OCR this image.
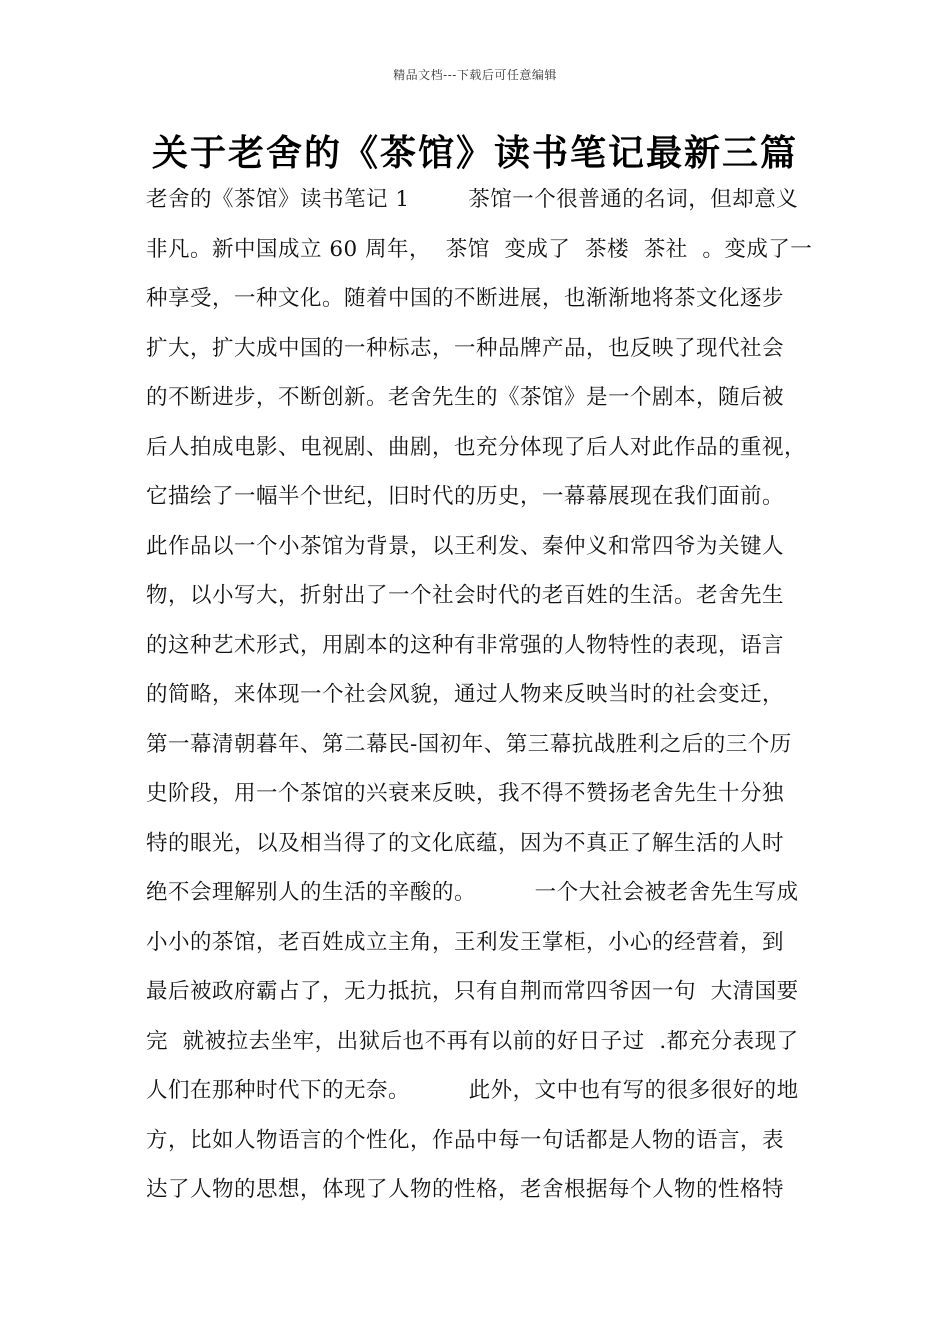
精品文档---下载后可任意编辑
关于老舍的《茶馆》读书笔记最新三篇
老舍的《茶馆》读书笔记 1        茶馆一个很普通的名词，但却意义
非凡。新中国成立 60 周年，  茶馆  变成了  茶楼  茶社  。变成了一
种享受，一种文化。随着中国的不断进展，也渐渐地将茶文化逐步
扩大，扩大成中国的一种标志，一种品牌产品，也反映了现代社会
的不断进步，不断创新。老舍先生的《茶馆》是一个剧本，随后被
后人拍成电影、电视剧、曲剧，也充分体现了后人对此作品的重视，
它描绘了一幅半个世纪，旧时代的历史，一幕幕展现在我们面前。
此作品以一个小茶馆为背景，以王利发、秦仲义和常四爷为关键人
物，以小写大，折射出了一个社会时代的老百姓的生活。老舍先生
的这种艺术形式，用剧本的这种有非常强的人物特性的表现，语言
的简略，来体现一个社会风貌，通过人物来反映当时的社会变迁，
第一幕清朝暮年、第二幕民-国初年、第三幕抗战胜利之后的三个历
史阶段，用一个茶馆的兴衰来反映，我不得不赞扬老舍先生十分独
特的眼光，以及相当得了的文化底蕴，因为不真正了解生活的人时
绝不会理解别人的生活的辛酸的。        一个大社会被老舍先生写成
小小的茶馆，老百姓成立主角，王利发王掌柜，小心的经营着，到
最后被政府霸占了，无力抵抗，只有自荆而常四爷因一句  大清国要
完  就被拉去坐牢，出狱后也不再有以前的好日子过  .都充分表现了
人们在那种时代下的无奈。        此外，文中也有写的很多很好的地
方，比如人物语言的个性化，作品中每一句话都是人物的语言，表
达了人物的思想，体现了人物的性格，老舍根据每个人物的性格特
